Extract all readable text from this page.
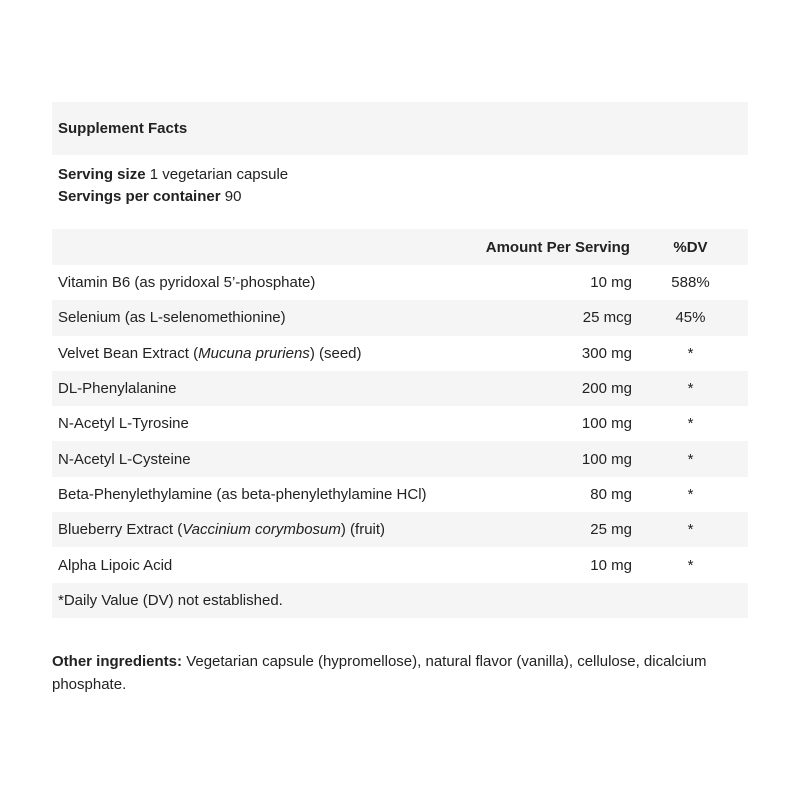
Supplement Facts
Serving size 1 vegetarian capsule
Servings per container 90
	Amount Per Serving	%DV
Vitamin B6 (as pyridoxal 5’-phosphate)	10 mg	588%
Selenium (as L-selenomethionine)	25 mcg	45%
Velvet Bean Extract (Mucuna pruriens) (seed)	300 mg	*
DL-Phenylalanine	200 mg	*
N-Acetyl L-Tyrosine	100 mg	*
N-Acetyl L-Cysteine	100 mg	*
Beta-Phenylethylamine (as beta-phenylethylamine HCl)	80 mg	*
Blueberry Extract (Vaccinium corymbosum) (fruit)	25 mg	*
Alpha Lipoic Acid	10 mg	*
*Daily Value (DV) not established.		
Other ingredients: Vegetarian capsule (hypromellose), natural flavor (vanilla), cellulose, dicalcium phosphate.
